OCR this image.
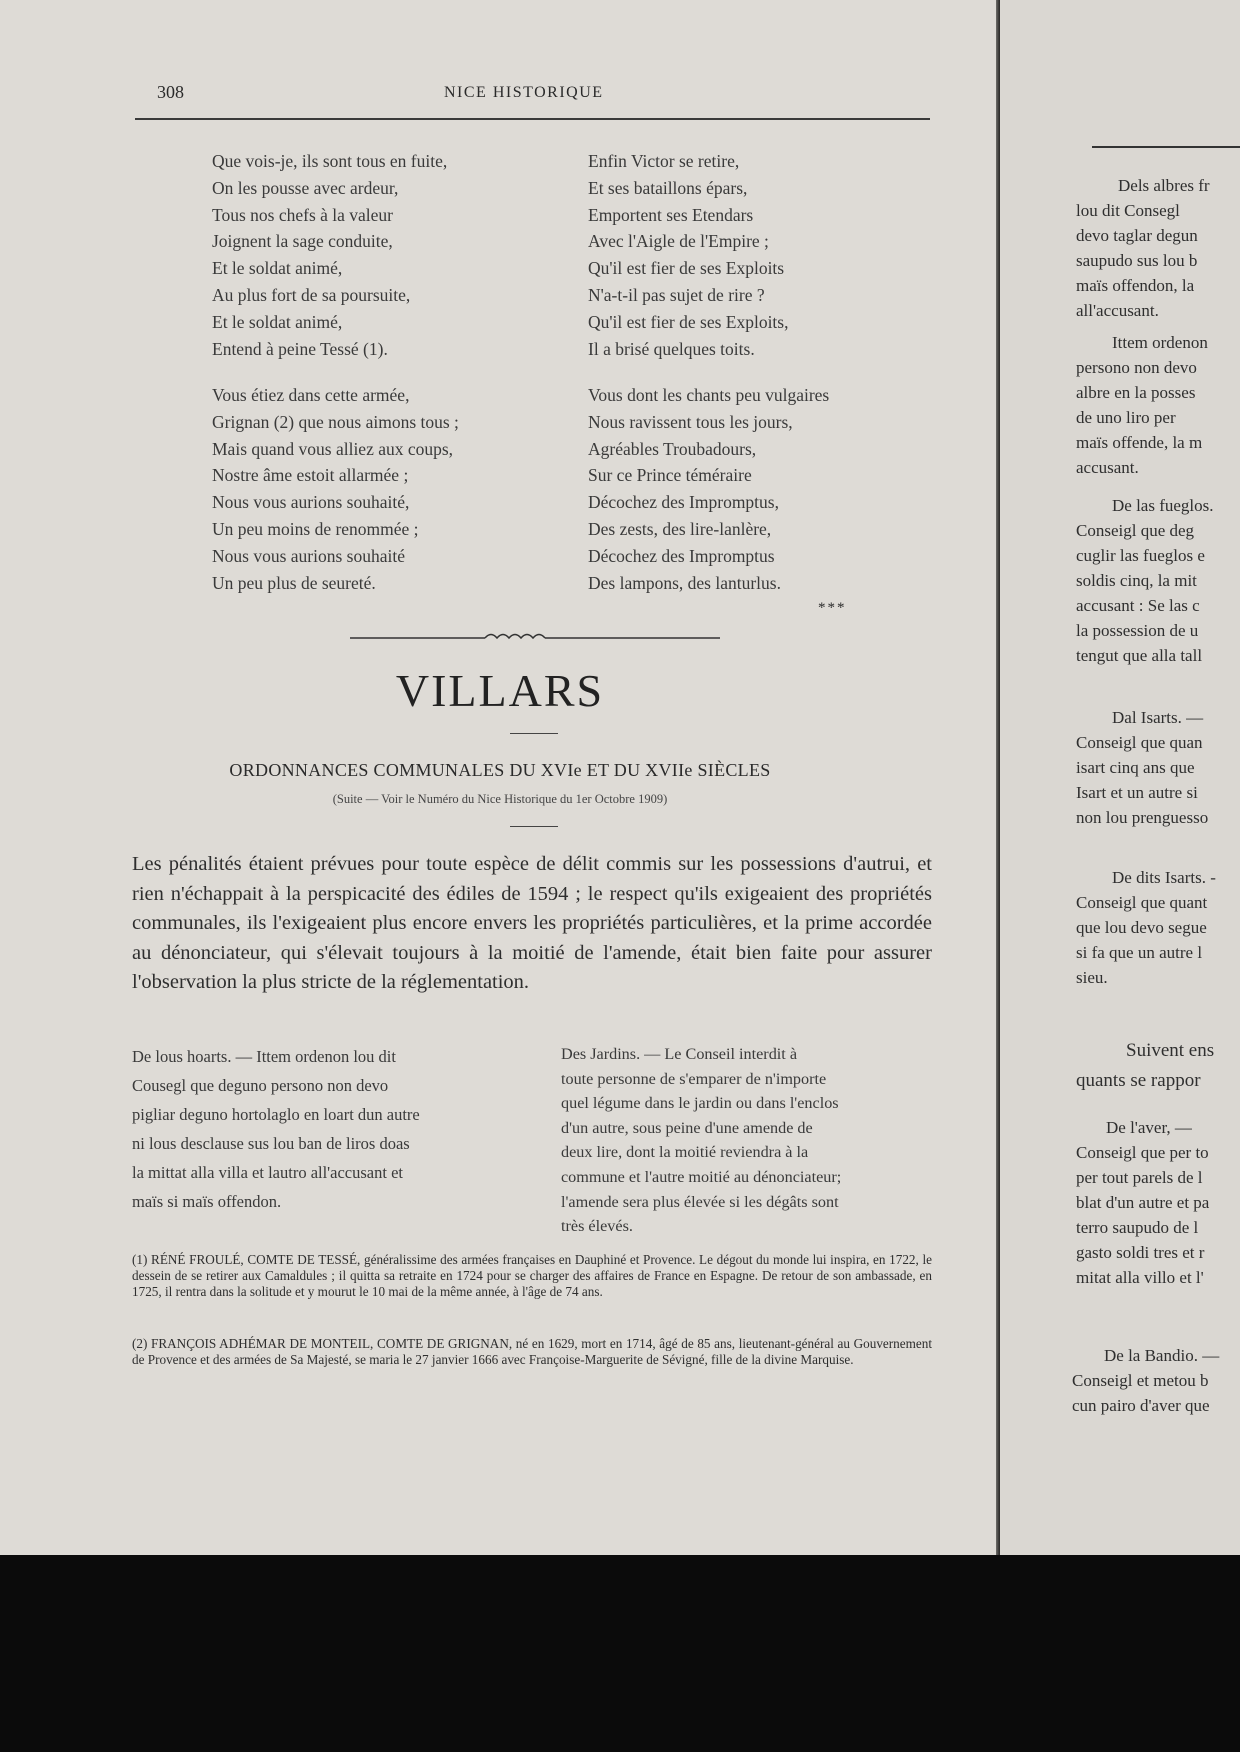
308	NICE HISTORIQUE
Que vois-je, ils sont tous en fuite,
On les pousse avec ardeur,
Tous nos chefs à la valeur
Joignent la sage conduite,
Et le soldat animé,
Au plus fort de sa poursuite,
Et le soldat animé,
Entend à peine Tessé (1).
Enfin Victor se retire,
Et ses bataillons épars,
Emportent ses Etendars
Avec l'Aigle de l'Empire ;
Qu'il est fier de ses Exploits
N'a-t-il pas sujet de rire ?
Qu'il est fier de ses Exploits,
Il a brisé quelques toits.
Vous étiez dans cette armée,
Grignan (2) que nous aimons tous ;
Mais quand vous alliez aux coups,
Nostre âme estoit allarmée ;
Nous vous aurions souhaité,
Un peu moins de renommée ;
Nous vous aurions souhaité
Un peu plus de seureté.
Vous dont les chants peu vulgaires
Nous ravissent tous les jours,
Agréables Troubadours,
Sur ce Prince téméraire
Décochez des Impromptus,
Des zests, des lire-lanlère,
Décochez des Impromptus
Des lampons, des lanturlus.
***
VILLARS
ORDONNANCES COMMUNALES DU XVIe ET DU XVIIe SIÈCLES
(Suite — Voir le Numéro du Nice Historique du 1er Octobre 1909)
Les pénalités étaient prévues pour toute espèce de délit commis sur les possessions d'autrui, et rien n'échappait à la perspicacité des édiles de 1594 ; le respect qu'ils exigeaient des propriétés communales, ils l'exigeaient plus encore envers les propriétés particulières, et la prime accordée au dénonciateur, qui s'élevait toujours à la moitié de l'amende, était bien faite pour assurer l'observation la plus stricte de la réglementation.
De lous hoarts. — Ittem ordenon lou dit
Cousegl que deguno persono non devo
pigliar deguno hortolaglo en loart dun autre
ni lous desclause sus lou ban de liros doas
la mittat alla villa et lautro all'accusant et
maïs si maïs offendon.
Des Jardins. — Le Conseil interdit à
toute personne de s'emparer de n'importe
quel légume dans le jardin ou dans l'enclos
d'un autre, sous peine d'une amende de
deux lire, dont la moitié reviendra à la
commune et l'autre moitié au dénonciateur;
l'amende sera plus élevée si les dégâts sont
très élevés.
(1) RÉNÉ FROULÉ, COMTE DE TESSÉ, généralissime des armées françaises en Dauphiné et Provence. Le dégout du monde lui inspira, en 1722, le dessein de se retirer aux Camaldules ; il quitta sa retraite en 1724 pour se charger des affaires de France en Espagne. De retour de son ambassade, en 1725, il rentra dans la solitude et y mourut le 10 mai de la même année, à l'âge de 74 ans.
(2) FRANÇOIS ADHÉMAR DE MONTEIL, COMTE DE GRIGNAN, né en 1629, mort en 1714, âgé de 85 ans, lieutenant-général au Gouvernement de Provence et des armées de Sa Majesté, se maria le 27 janvier 1666 avec Françoise-Marguerite de Sévigné, fille de la divine Marquise.
Dels albres fr
lou dit Consegl
devo taglar degun
saupudo sus lou b
maïs offendon, la
all'accusant.
Ittem ordenon
persono non devo
albre en la posses
de uno liro per
maïs offende, la m
accusant.
De las fueglos.
Conseigl que deg
cuglir las fueglos e
soldis cinq, la mit
accusant : Se las c
la possession de u
tengut que alla tall
Dal Isarts. —
Conseigl que quan
isart cinq ans que
Isart et un autre si
non lou prenguesso
De dits Isarts. -
Conseigl que quant
que lou devo segue
si fa que un autre l
sieu.
Suivent ens
quants se rappor
De l'aver, —
Conseigl que per to
per tout parels de l
blat d'un autre et pa
terro saupudo de l
gasto soldi tres et r
mitat alla villo et l'
De la Bandio. —
Conseigl et metou b
cun pairo d'aver que
